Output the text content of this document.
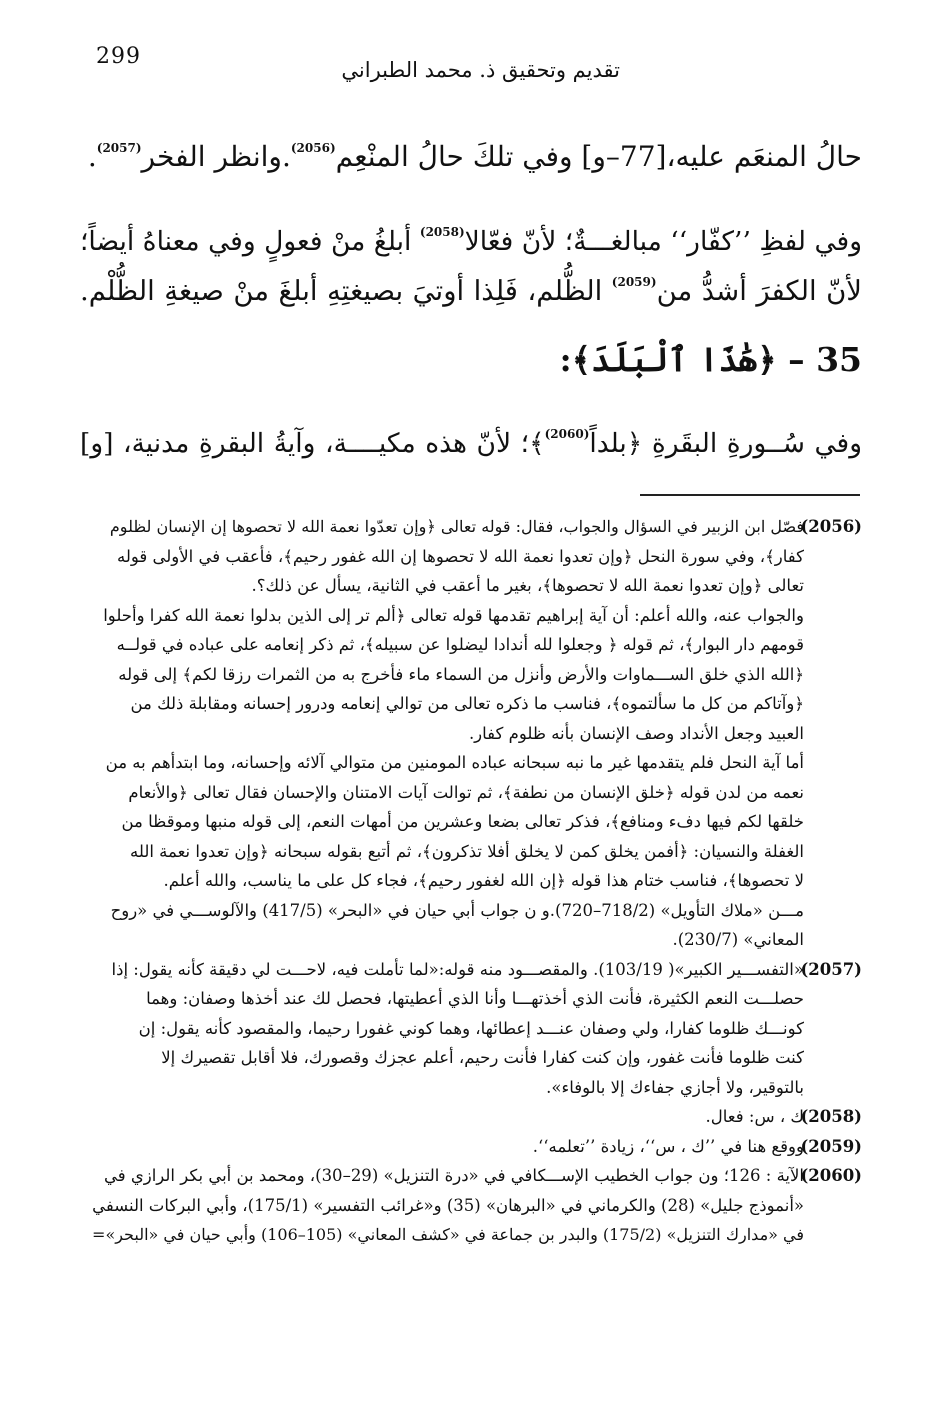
299
تقديم وتحقيق ذ. محمد الطبراني
حالُ المنعَم عليه،[77–و] وفي تلكَ حالُ المنْعِم$^{(2056)}$.وانظر الفخر$^{(2057)}$.
وفي لفظِ ’’كفّار‘‘ مبالغـــةٌ؛ لأنّ فعّالا$^{(2058)}$ أبلغُ منْ فعولٍ وفي معناهُ أيضاً؛
لأنّ الكفرَ أشدُّ من$^{(2059)}$ الظُّلم، فَلِذا أوتيَ بصيغتِهِ أبلغَ منْ صيغةِ الظُّلْم.
35 – ﴿هَٰذَا ٱلْبَلَدَ﴾:
وفي سُــورةِ البقَرةِ ﴿بلداً$^{(2060)}$﴾؛ لأنّ هذه مكيــــة، وآيةُ البقرةِ مدنية، [و]
(2056)
فصّل ابن الزبير في السؤال والجواب، فقال: قوله تعالى ﴿وإن تعدّوا نعمة الله لا تحصوها إن الإنسان لظلوم
كفار﴾، وفي سورة النحل ﴿وإن تعدوا نعمة الله لا تحصوها إن الله غفور رحيم﴾، فأعقب في الأولى قوله
تعالى ﴿وإن تعدوا نعمة الله لا تحصوها﴾، بغير ما أعقب في الثانية، يسأل عن ذلك؟.
والجواب عنه، والله أعلم: أن آية إبراهيم تقدمها قوله تعالى ﴿ألم تر إلى الذين بدلوا نعمة الله كفرا وأحلوا
قومهم دار البوار﴾، ثم قوله ﴿ وجعلوا لله أندادا ليضلوا عن سبيله﴾، ثم ذكر إنعامه على عباده في قولــه
﴿الله الذي خلق الســـماوات والأرض وأنزل من السماء ماء فأخرج به من الثمرات رزقا لكم﴾ إلى قوله
﴿وآتاكم من كل ما سألتموه﴾، فناسب ما ذكره تعالى من توالي إنعامه ودرور إحسانه ومقابلة ذلك من
العبيد وجعل الأنداد وصف الإنسان بأنه ظلوم كفار.
أما آية النحل فلم يتقدمها غير ما نبه سبحانه عباده المومنين من متوالي آلائه وإحسانه، وما ابتدأهم به من
نعمه من لدن قوله ﴿خلق الإنسان من نطفة﴾، ثم توالت آيات الامتنان والإحسان فقال تعالى ﴿والأنعام
خلقها لكم فيها دفء ومنافع﴾، فذكر تعالى بضعا وعشرين من أمهات النعم، إلى قوله منبها وموقظا من
الغفلة والنسيان: ﴿أفمن يخلق كمن لا يخلق أفلا تذكرون﴾، ثم أتبع بقوله سبحانه ﴿وإن تعدوا نعمة الله
لا تحصوها﴾، فناسب ختام هذا قوله ﴿إن الله لغفور رحيم﴾، فجاء كل على ما يناسب، والله أعلم.
مـــن «ملاك التأويل» (718/2–720).و ن جواب أبي حيان في «البحر» (417/5) والآلوســـي في «روح
المعاني» (230/7).
(2057)
«التفســـير الكبير»( 103/19). والمقصـــود منه قوله:«لما تأملت فيه، لاحـــت لي دقيقة كأنه يقول: إذا
حصلـــت النعم الكثيرة، فأنت الذي أخذتهـــا وأنا الذي أعطيتها، فحصل لك عند أخذها وصفان: وهما
كونـــك ظلوما كفارا، ولي وصفان عنـــد إعطائها، وهما كوني غفورا رحيما، والمقصود كأنه يقول: إن
كنت ظلوما فأنت غفور، وإن كنت كفارا فأنت رحيم، أعلم عجزك وقصورك، فلا أقابل تقصيرك إلا
بالتوقير، ولا أجازي جفاءك إلا بالوفاء».
(2058)
ك ، س: فعال.
(2059)
ووقع هنا في ’’ك ، س‘‘، زيادة ’’تعلمه‘‘.
(2060)
الآية : 126؛ ون جواب الخطيب الإســـكافي في «درة التنزيل» (29–30)، ومحمد بن أبي بكر الرازي في
«أنموذج جليل» (28) والكرماني في «البرهان» (35) و«غرائب التفسير» (175/1)، وأبي البركات النسفي
في «مدارك التنزيل» (175/2) والبدر بن جماعة في «كشف المعاني» (105–106) وأبي حيان في «البحر»=
